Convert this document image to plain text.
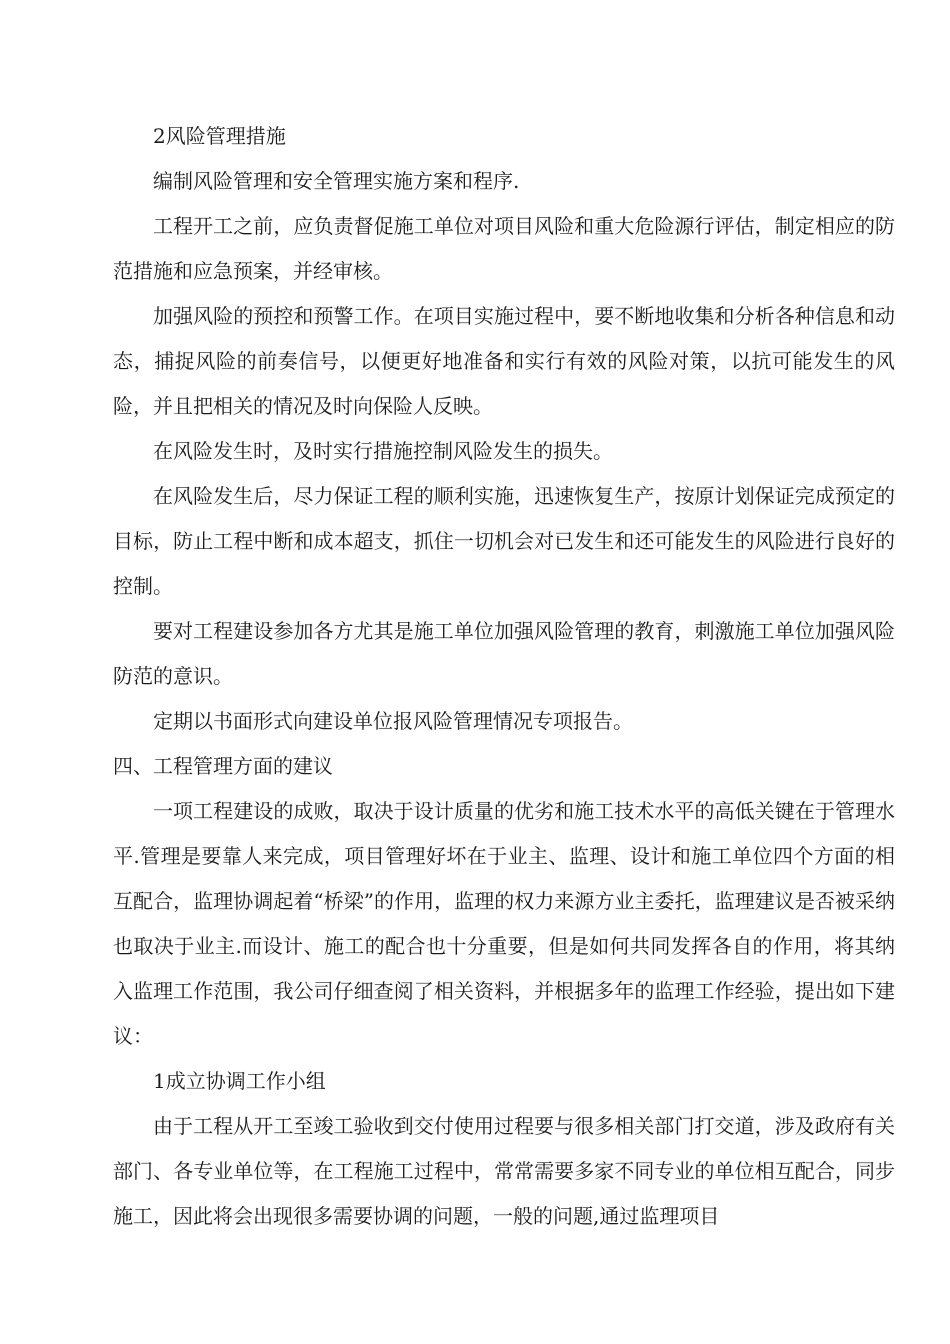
2风险管理措施

编制风险管理和安全管理实施方案和程序.

工程开工之前，应负责督促施工单位对项目风险和重大危险源行评估，制定相应的防范措施和应急预案，并经审核。

加强风险的预控和预警工作。在项目实施过程中，要不断地收集和分析各种信息和动态，捕捉风险的前奏信号，以便更好地准备和实行有效的风险对策，以抗可能发生的风险，并且把相关的情况及时向保险人反映。

在风险发生时，及时实行措施控制风险发生的损失。

在风险发生后，尽力保证工程的顺利实施，迅速恢复生产，按原计划保证完成预定的目标，防止工程中断和成本超支，抓住一切机会对已发生和还可能发生的风险进行良好的控制。

要对工程建设参加各方尤其是施工单位加强风险管理的教育，刺激施工单位加强风险防范的意识。

定期以书面形式向建设单位报风险管理情况专项报告。

四、工程管理方面的建议

一项工程建设的成败，取决于设计质量的优劣和施工技术水平的高低关键在于管理水平.管理是要靠人来完成，项目管理好坏在于业主、监理、设计和施工单位四个方面的相互配合，监理协调起着“桥梁”的作用，监理的权力来源方业主委托，监理建议是否被采纳也取决于业主.而设计、施工的配合也十分重要，但是如何共同发挥各自的作用，将其纳入监理工作范围，我公司仔细查阅了相关资料，并根据多年的监理工作经验，提出如下建议：

1成立协调工作小组

由于工程从开工至竣工验收到交付使用过程要与很多相关部门打交道，涉及政府有关部门、各专业单位等，在工程施工过程中，常常需要多家不同专业的单位相互配合，同步施工，因此将会出现很多需要协调的问题，一般的问题,通过监理项目
